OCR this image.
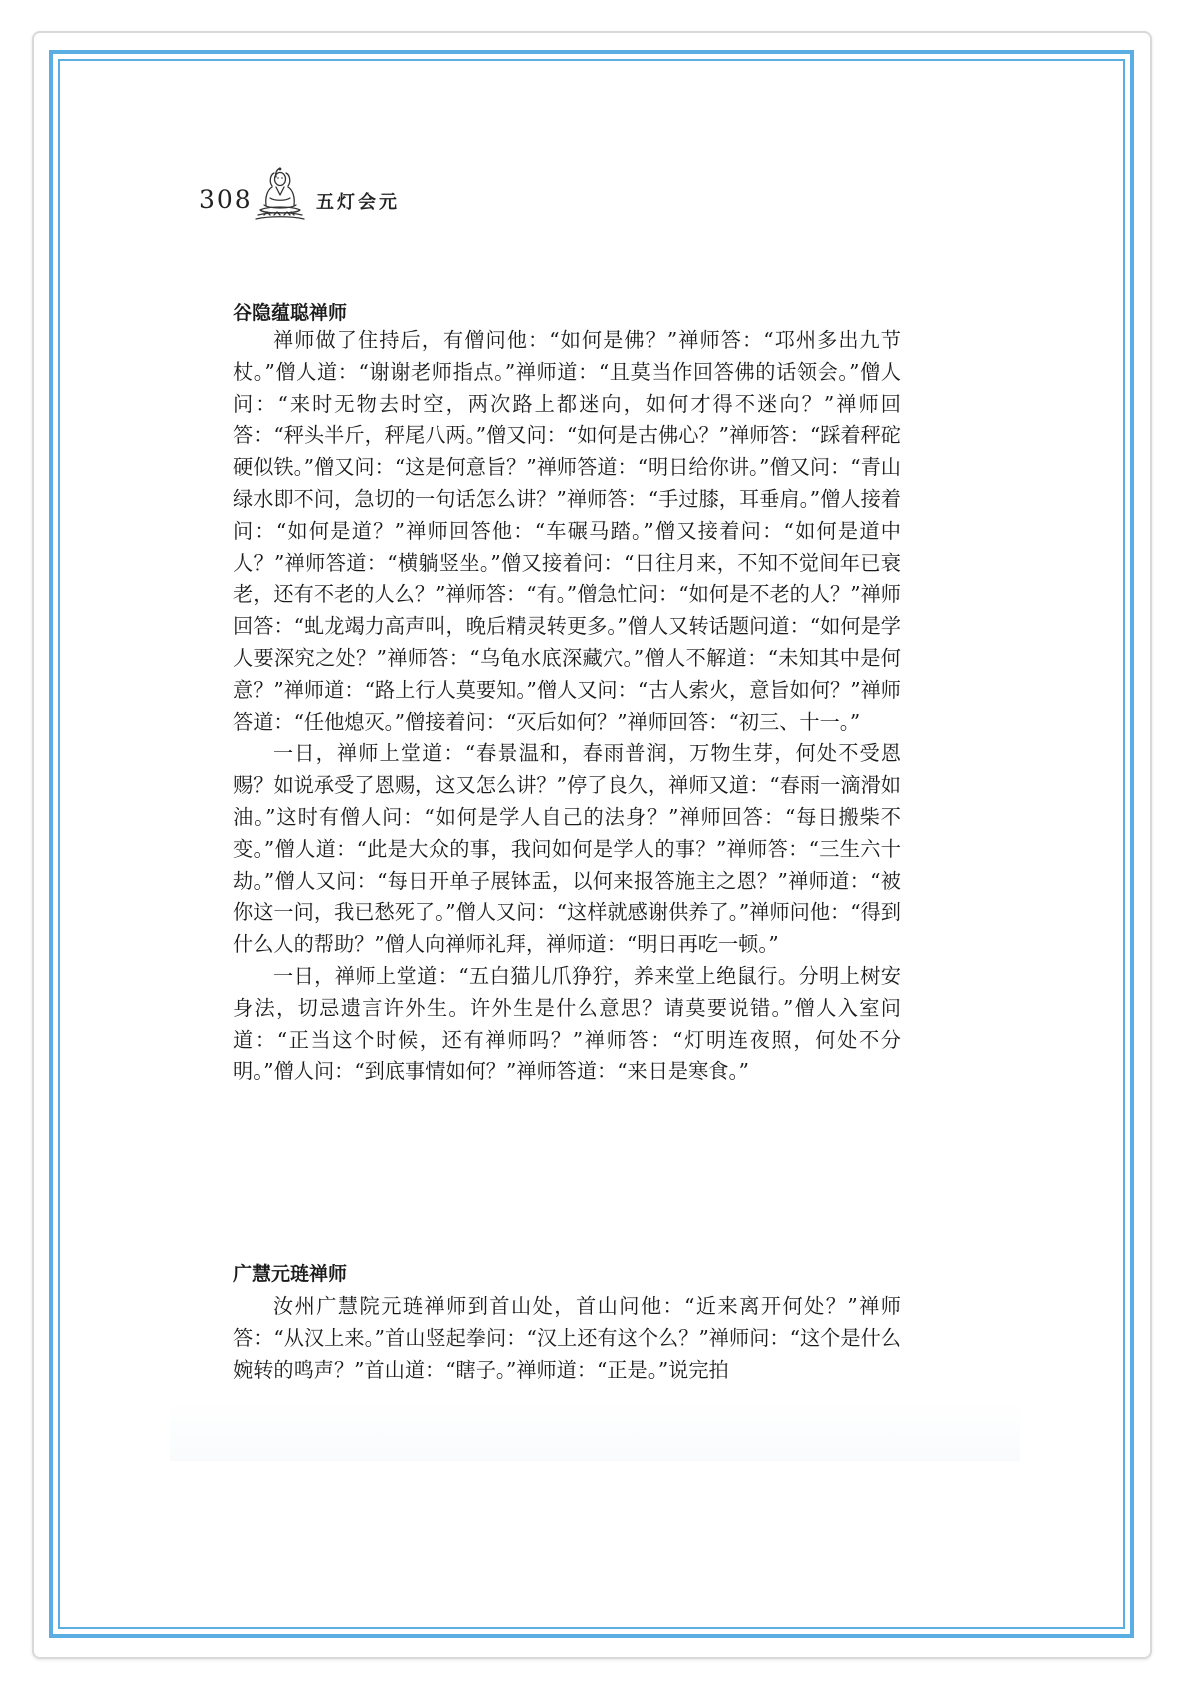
308	五灯会元
谷隐蕴聪禅师

禅师做了住持后，有僧问他：“如何是佛？”禅师答：“邛州多出九节杖。”僧人道：“谢谢老师指点。”禅师道：“且莫当作回答佛的话领会。”僧人问：“来时无物去时空，两次路上都迷向，如何才得不迷向？”禅师回答：“秤头半斤，秤尾八两。”僧又问：“如何是古佛心？”禅师答：“踩着秤砣硬似铁。”僧又问：“这是何意旨？”禅师答道：“明日给你讲。”僧又问：“青山绿水即不问，急切的一句话怎么讲？”禅师答：“手过膝，耳垂肩。”僧人接着问：“如何是道？”禅师回答他：“车碾马踏。”僧又接着问：“如何是道中人？”禅师答道：“横躺竖坐。”僧又接着问：“日往月来，不知不觉间年已衰老，还有不老的人么？”禅师答：“有。”僧急忙问：“如何是不老的人？”禅师回答：“虬龙竭力高声叫，晚后精灵转更多。”僧人又转话题问道：“如何是学人要深究之处？”禅师答：“乌龟水底深藏穴。”僧人不解道：“未知其中是何意？”禅师道：“路上行人莫要知。”僧人又问：“古人索火，意旨如何？”禅师答道：“任他熄灭。”僧接着问：“灭后如何？”禅师回答：“初三、十一。”

一日，禅师上堂道：“春景温和，春雨普润，万物生芽，何处不受恩赐？如说承受了恩赐，这又怎么讲？”停了良久，禅师又道：“春雨一滴滑如油。”这时有僧人问：“如何是学人自己的法身？”禅师回答：“每日搬柴不变。”僧人道：“此是大众的事，我问如何是学人的事？”禅师答：“三生六十劫。”僧人又问：“每日开单子展钵盂，以何来报答施主之恩？”禅师道：“被你这一问，我已愁死了。”僧人又问：“这样就感谢供养了。”禅师问他：“得到什么人的帮助？”僧人向禅师礼拜，禅师道：“明日再吃一顿。”

一日，禅师上堂道：“五白猫儿爪狰狞，养来堂上绝鼠行。分明上树安身法，切忌遗言许外生。许外生是什么意思？请莫要说错。”僧人入室问道：“正当这个时候，还有禅师吗？”禅师答：“灯明连夜照，何处不分明。”僧人问：“到底事情如何？”禅师答道：“来日是寒食。”

广慧元琏禅师

汝州广慧院元琏禅师到首山处，首山问他：“近来离开何处？”禅师答：“从汉上来。”首山竖起拳问：“汉上还有这个么？”禅师问：“这个是什么婉转的鸣声？”首山道：“瞎子。”禅师道：“正是。”说完拍
